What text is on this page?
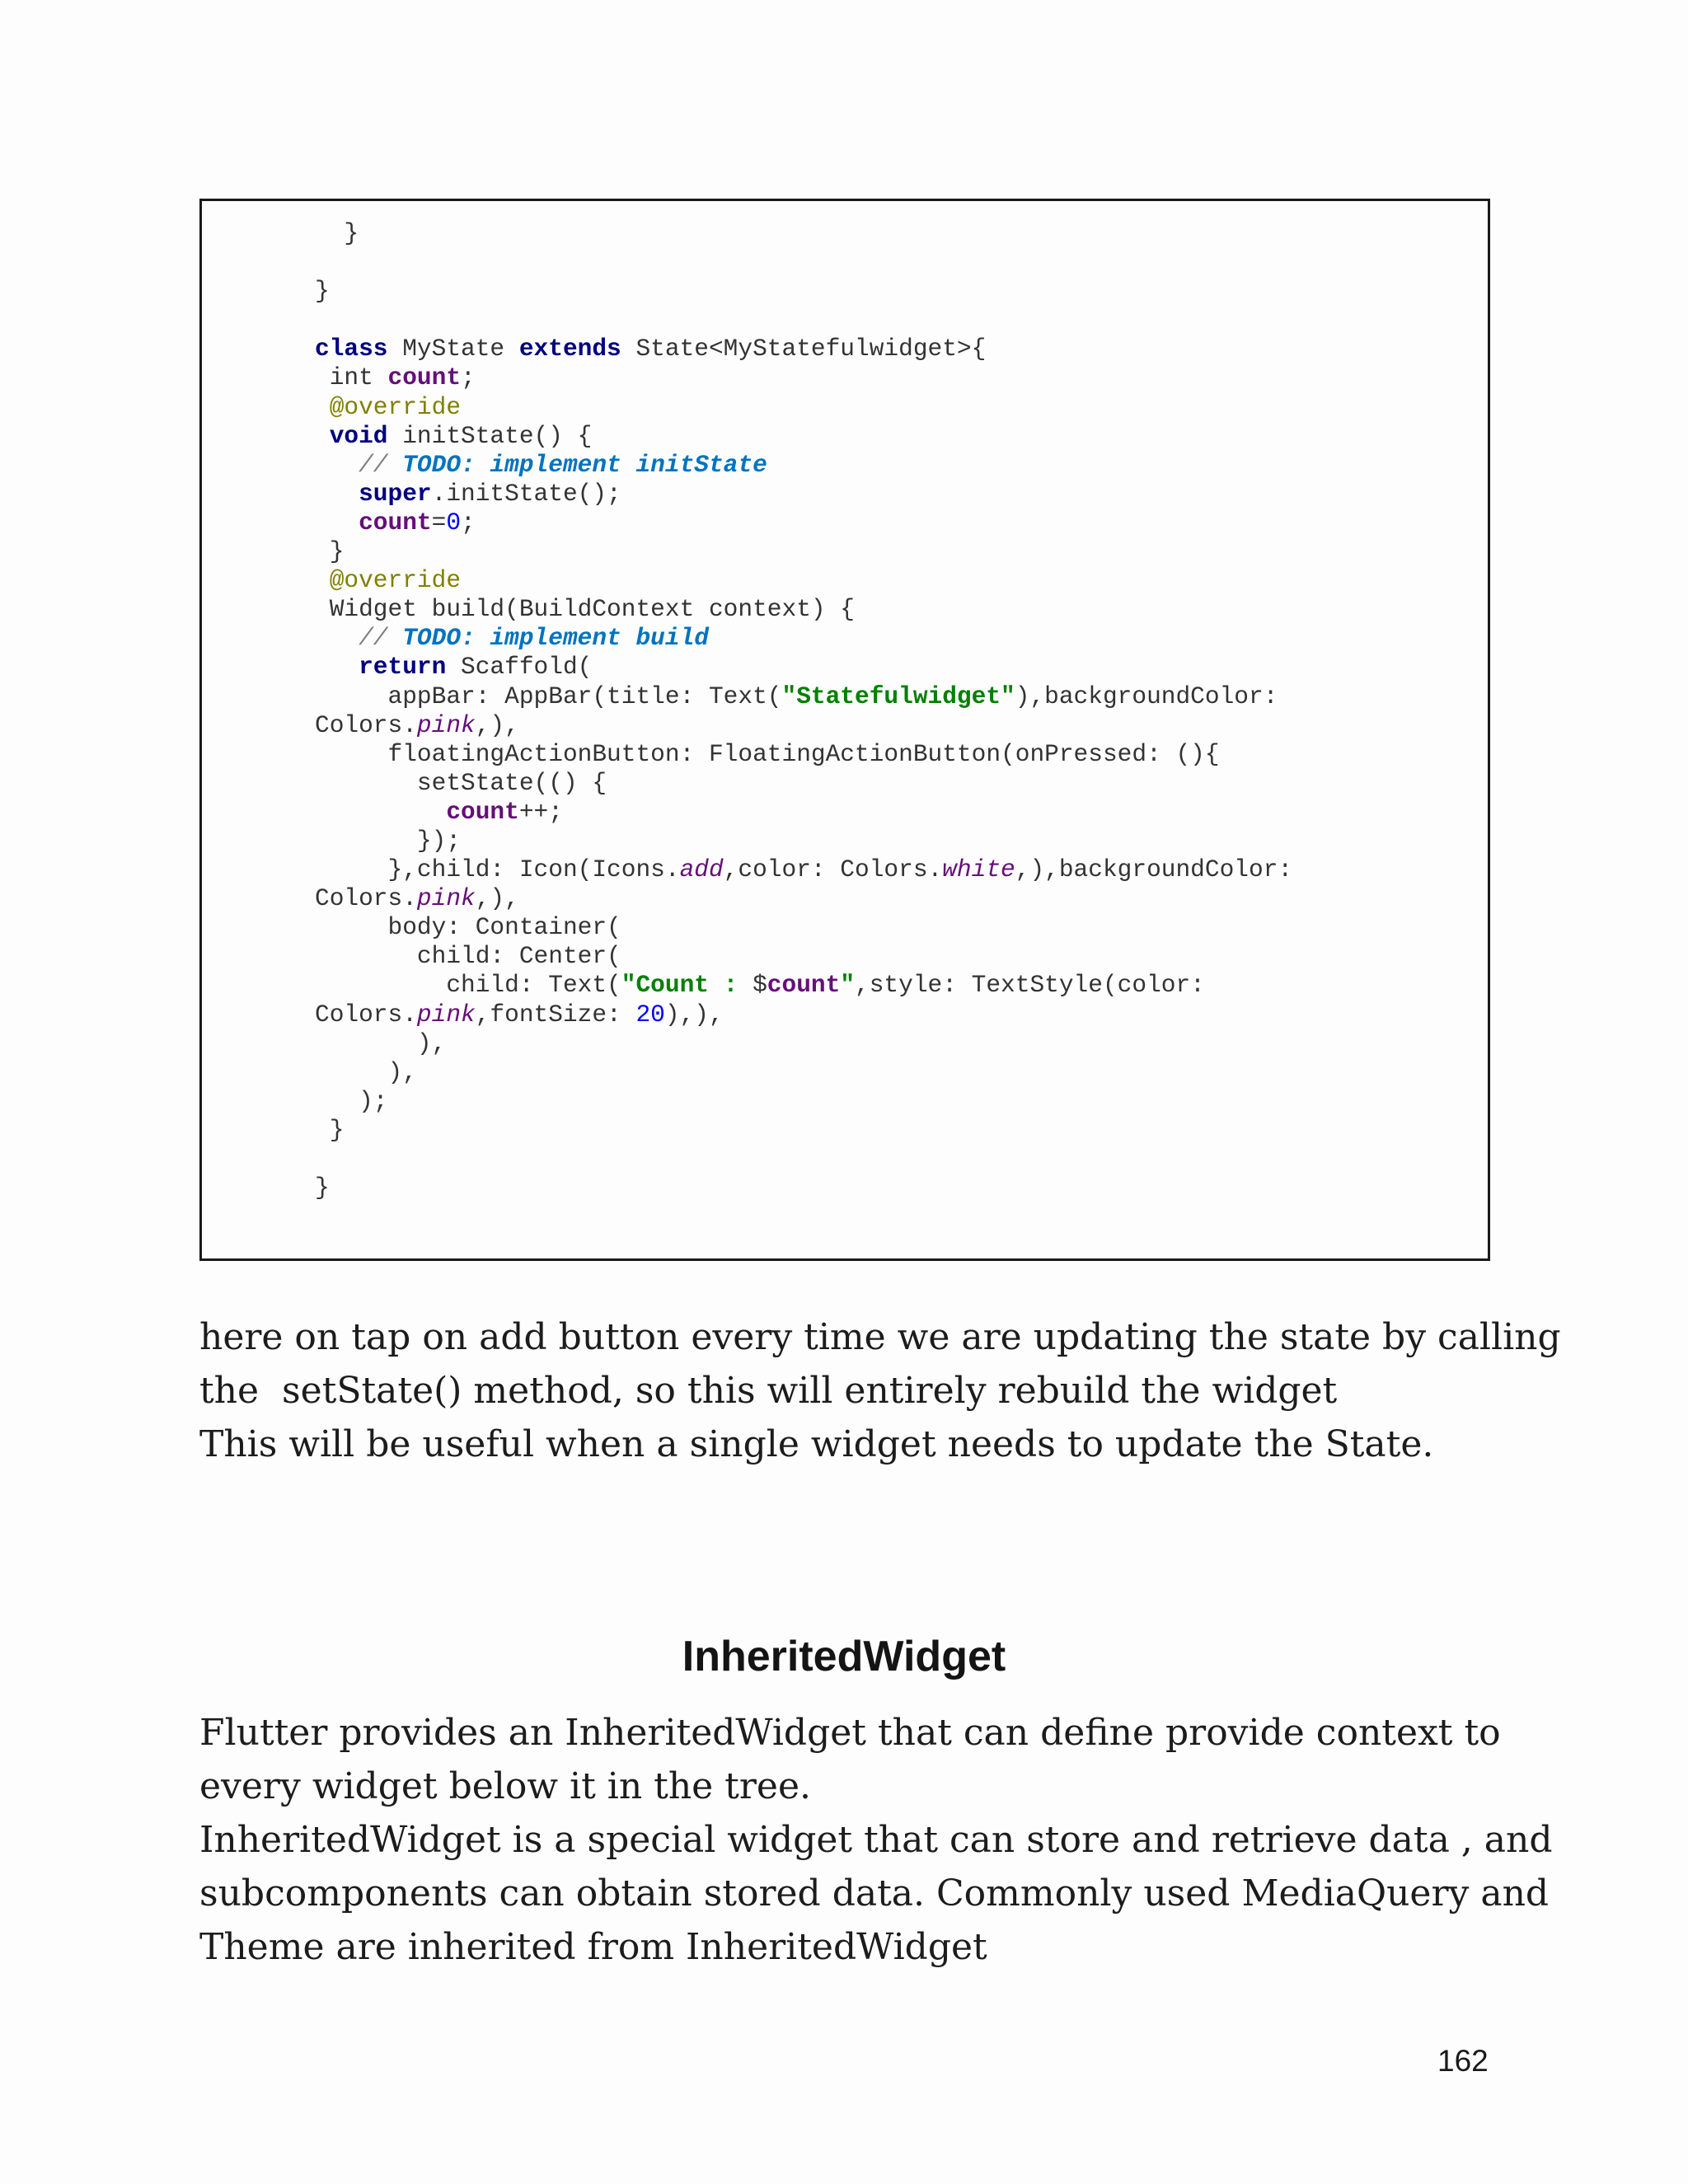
}
}
class MyState extends State<MyStatefulwidget>{
int count;
@override
void initState() {
// TODO: implement initState
super.initState();
count=0;
}
@override
Widget build(BuildContext context) {
// TODO: implement build
return Scaffold(
appBar: AppBar(title: Text("Statefulwidget"),backgroundColor:
Colors.pink,),
floatingActionButton: FloatingActionButton(onPressed: (){
setState(() {
count++;
});
},child: Icon(Icons.add,color: Colors.white,),backgroundColor:
Colors.pink,),
body: Container(
child: Center(
child: Text("Count : $count",style: TextStyle(color:
Colors.pink,fontSize: 20),),
),
),
);
}
}
here on tap on add button every time we are updating the state by calling
the  setState() method, so this will entirely rebuild the widget
This will be useful when a single widget needs to update the State.
InheritedWidget
Flutter provides an InheritedWidget that can define provide context to
every widget below it in the tree.
InheritedWidget is a special widget that can store and retrieve data , and
subcomponents can obtain stored data. Commonly used MediaQuery and
Theme are inherited from InheritedWidget
162
